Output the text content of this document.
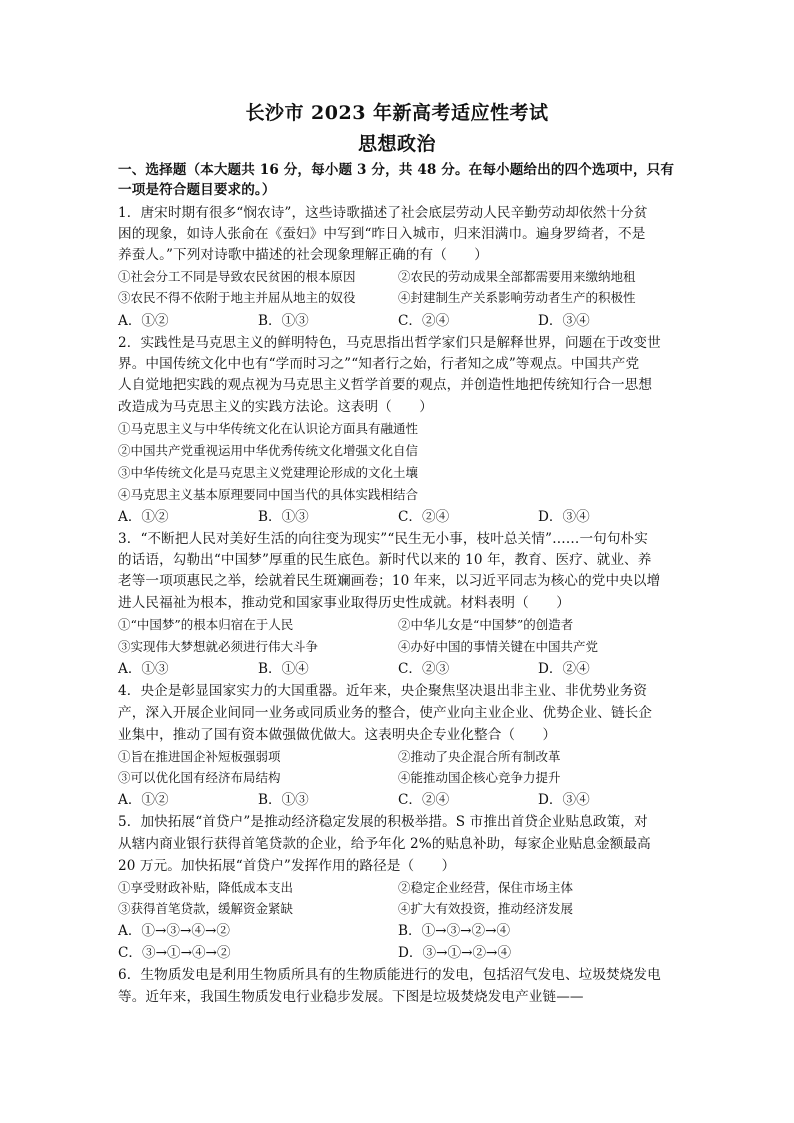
长沙市 2023 年新高考适应性考试
思想政治
一、选择题（本大题共 16 分，每小题 3 分，共 48 分。在每小题给出的四个选项中，只有
一项是符合题目要求的。）
1．唐宋时期有很多“悯农诗”，这些诗歌描述了社会底层劳动人民辛勤劳动却依然十分贫
困的现象，如诗人张俞在《蚕妇》中写到“昨日入城市，归来泪满巾。遍身罗绮者，不是
养蚕人。”下列对诗歌中描述的社会现象理解正确的有（　　）
①社会分工不同是导致农民贫困的根本原因	②农民的劳动成果全部都需要用来缴纳地租
③农民不得不依附于地主并屈从地主的奴役	④封建制生产关系影响劳动者生产的积极性
A．①②	B．①③	C．②④	D．③④
2．实践性是马克思主义的鲜明特色，马克思指出哲学家们只是解释世界，问题在于改变世
界。中国传统文化中也有“学而时习之”“知者行之始，行者知之成”等观点。中国共产党
人自觉地把实践的观点视为马克思主义哲学首要的观点，并创造性地把传统知行合一思想
改造成为马克思主义的实践方法论。这表明（　　）
①马克思主义与中华传统文化在认识论方面具有融通性
②中国共产党重视运用中华优秀传统文化增强文化自信
③中华传统文化是马克思主义党建理论形成的文化土壤
④马克思主义基本原理要同中国当代的具体实践相结合
A．①②	B．①③	C．②④	D．③④
3．“不断把人民对美好生活的向往变为现实”“民生无小事，枝叶总关情”……一句句朴实
的话语，勾勒出“中国梦”厚重的民生底色。新时代以来的 10 年，教育、医疗、就业、养
老等一项项惠民之举，绘就着民生斑斓画卷；10 年来，以习近平同志为核心的党中央以增
进人民福祉为根本，推动党和国家事业取得历史性成就。材料表明（　　）
①“中国梦”的根本归宿在于人民	②中华儿女是“中国梦”的创造者
③实现伟大梦想就必须进行伟大斗争	④办好中国的事情关键在中国共产党
A．①③	B．①④	C．②③	D．②④
4．央企是彰显国家实力的大国重器。近年来，央企聚焦坚决退出非主业、非优势业务资
产，深入开展企业间同一业务或同质业务的整合，使产业向主业企业、优势企业、链长企
业集中，推动了国有资本做强做优做大。这表明央企专业化整合（　　）
①旨在推进国企补短板强弱项	②推动了央企混合所有制改革
③可以优化国有经济布局结构	④能推动国企核心竞争力提升
A．①②	B．①③	C．②④	D．③④
5．加快拓展“首贷户”是推动经济稳定发展的积极举措。S 市推出首贷企业贴息政策，对
从辖内商业银行获得首笔贷款的企业，给予年化 2%的贴息补助，每家企业贴息金额最高
20 万元。加快拓展“首贷户”发挥作用的路径是（　　）
①享受财政补贴，降低成本支出	②稳定企业经营，保住市场主体
③获得首笔贷款，缓解资金紧缺	④扩大有效投资，推动经济发展
A．①→③→④→②	B．①→③→②→④
C．③→①→④→②	D．③→①→②→④
6．生物质发电是利用生物质所具有的生物质能进行的发电，包括沼气发电、垃圾焚烧发电
等。近年来，我国生物质发电行业稳步发展。下图是垃圾焚烧发电产业链——
